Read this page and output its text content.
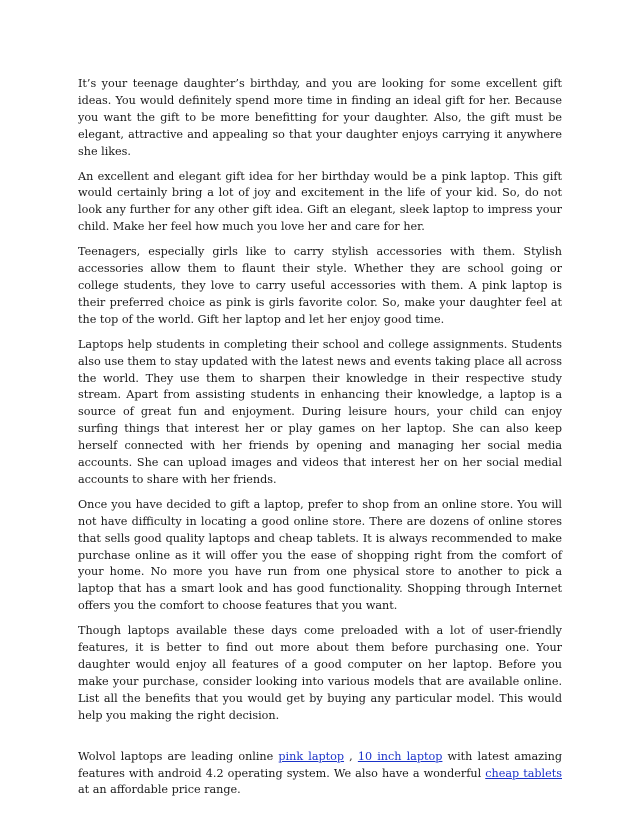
It’s your teenage daughter’s birthday, and you are looking for some excellent gift ideas. You would definitely spend more time in finding an ideal gift for her. Because you want the gift to be more benefitting for your daughter. Also, the gift must be elegant, attractive and appealing so that your daughter enjoys carrying it anywhere she likes.

An excellent and elegant gift idea for her birthday would be a pink laptop. This gift would certainly bring a lot of joy and excitement in the life of your kid. So, do not look any further for any other gift idea. Gift an elegant, sleek laptop to impress your child. Make her feel how much you love her and care for her.

Teenagers, especially girls like to carry stylish accessories with them. Stylish accessories allow them to flaunt their style. Whether they are school going or college students, they love to carry useful accessories with them. A pink laptop is their preferred choice as pink is girls favorite color. So, make your daughter feel at the top of the world. Gift her laptop and let her enjoy good time.

Laptops help students in completing their school and college assignments. Students also use them to stay updated with the latest news and events taking place all across the world. They use them to sharpen their knowledge in their respective study stream. Apart from assisting students in enhancing their knowledge, a laptop is a source of great fun and enjoyment. During leisure hours, your child can enjoy surfing things that interest her or play games on her laptop. She can also keep herself connected with her friends by opening and managing her social media accounts. She can upload images and videos that interest her on her social medial accounts to share with her friends.

Once you have decided to gift a laptop, prefer to shop from an online store. You will not have difficulty in locating a good online store. There are dozens of online stores that sells good quality laptops and cheap tablets. It is always recommended to make purchase online as it will offer you the ease of shopping right from the comfort of your home. No more you have run from one physical store to another to pick a laptop that has a smart look and has good functionality. Shopping through Internet offers you the comfort to choose features that you want.

Though laptops available these days come preloaded with a lot of user-friendly features, it is better to find out more about them before purchasing one. Your daughter would enjoy all features of a good computer on her laptop. Before you make your purchase, consider looking into various models that are available online. List all the benefits that you would get by buying any particular model. This would help you making the right decision.

Wolvol laptops are leading online pink laptop , 10 inch laptop with latest amazing features with android 4.2 operating system. We also have a wonderful cheap tablets at an affordable price range.
